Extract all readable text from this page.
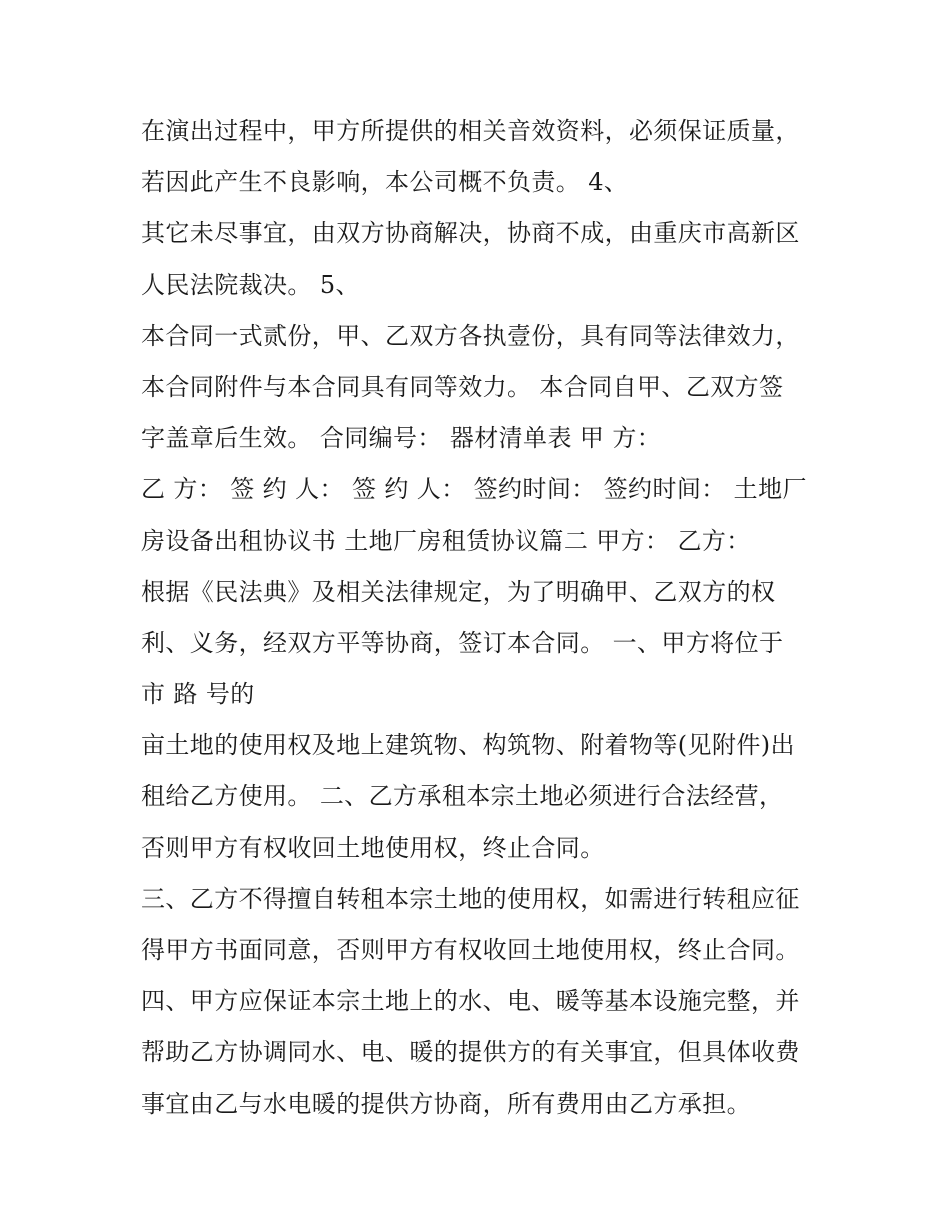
在演出过程中，甲方所提供的相关音效资料，必须保证质量，
若因此产生不良影响，本公司概不负责。 4、
其它未尽事宜，由双方协商解决，协商不成，由重庆市高新区
人民法院裁决。 5、
本合同一式贰份，甲、乙双方各执壹份，具有同等法律效力，
本合同附件与本合同具有同等效力。 本合同自甲、乙双方签
字盖章后生效。 合同编号： 器材清单表 甲 方：
乙 方： 签 约 人： 签 约 人： 签约时间： 签约时间： 土地厂
房设备出租协议书 土地厂房租赁协议篇二 甲方： 乙方：
根据《民法典》及相关法律规定，为了明确甲、乙双方的权
利、义务，经双方平等协商，签订本合同。 一、甲方将位于
市 路 号的
亩土地的使用权及地上建筑物、构筑物、附着物等(见附件)出
租给乙方使用。 二、乙方承租本宗土地必须进行合法经营，
否则甲方有权收回土地使用权，终止合同。
三、乙方不得擅自转租本宗土地的使用权，如需进行转租应征
得甲方书面同意，否则甲方有权收回土地使用权，终止合同。
四、甲方应保证本宗土地上的水、电、暖等基本设施完整，并
帮助乙方协调同水、电、暖的提供方的有关事宜，但具体收费
事宜由乙与水电暖的提供方协商，所有费用由乙方承担。
